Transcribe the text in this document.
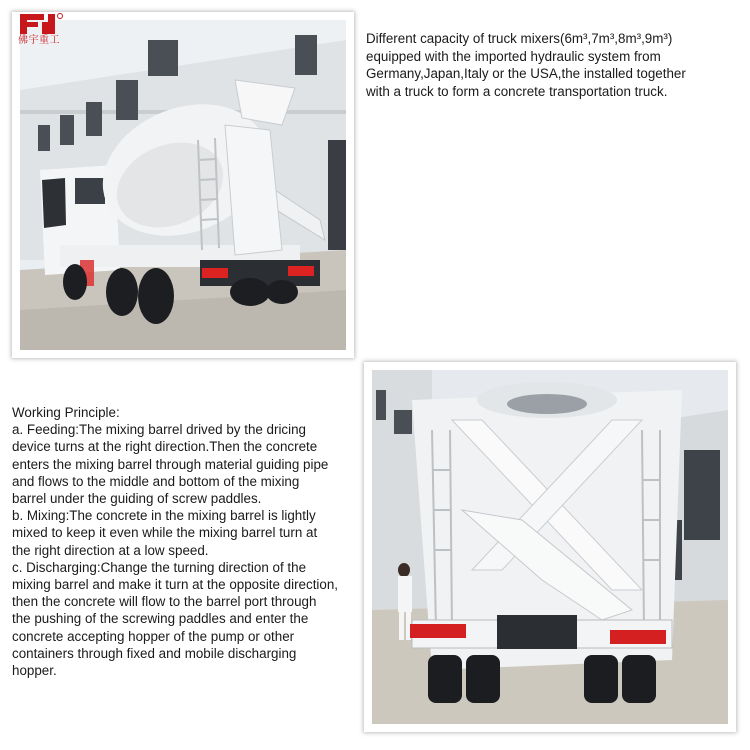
佛宇重工	Different capacity of truck mixers(6m³,7m³,8m³,9m³)
equipped with the imported hydraulic system from
Germany,Japan,Italy or the USA,the installed together
with a truck to form a concrete transportation truck.
Working Principle:
a. Feeding:The mixing barrel drived by the dricing
device turns at the right direction.Then the concrete
enters the mixing barrel through material guiding pipe
and flows to the middle and bottom of the mixing
barrel under the guiding of screw paddles.
b. Mixing:The concrete in the mixing barrel is lightly
mixed to keep it even while the mixing barrel turn at
the right direction at a low speed.
c. Discharging:Change the turning direction of the
mixing barrel and make it turn at the opposite direction,
then the concrete will flow to the barrel port through
the pushing of the screwing paddles and enter the
concrete accepting hopper of the pump or other
containers through fixed and mobile discharging
hopper.
